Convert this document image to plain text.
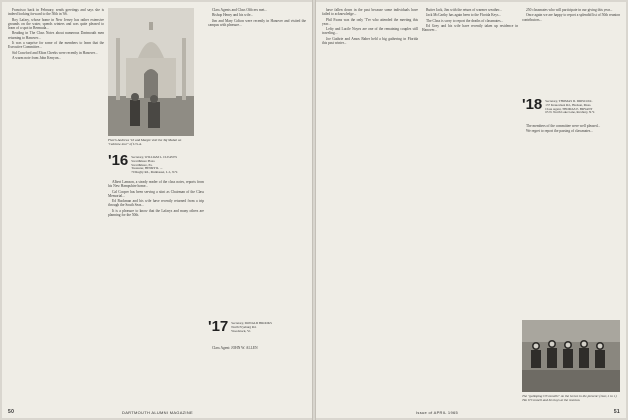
Francisco back in February, sends greetings and says she is indeed looking forward to the 50th in '66.

Roy Lafary, whose home in New Jersey has rather extensive grounds on the water, spends winters and was quite pleased to learn of a spot in Bermuda...

Reading in The Class Notes about numerous Dartmouth men returning to Hanover...

It was a surprise for some of the members to learn that the Executive Committee...

Sid Crawford and Elton Cheeks were recently in Hanover...

A warm note from John Kenyon...

Fletch Andrews '16 and Margie visit the Taj Mahal on "rainbow tour" of U.S.A.
'16 Secretary, WILLIAM L. CLEAVES
Swarthmore Plaza
Swarthmore, Pa.
Treasurer, HENRY R. ...
70 Rugby Rd., Manhasset, L.I., N.Y.

Albert Lamson, a steady reader of the class notes, reports from his New Hampshire home...

Cal Cooper has been serving a stint as Chairman of the Class Memorial...

Ed Buckman and his wife have recently returned from a trip through the South Seas...

It is a pleasure to know that the Lafarys and many others are planning for the 50th.

Class Agents and Class Officers met...

Bishop Henry and his wife...

Jim and Mary Colton were recently in Hanover and visited the campus with pleasure...

'17 Secretary, DONALD BROOKS
North Fryeburg Rd.
Woodstock, Vt.

Class Agent: JOHN W. ALLEN

50	DARTMOUTH ALUMNI MAGAZINE

have fallen down in the past because some individuals have failed to acknowledge...

Phil Evans was the only 'T'er who attended the meeting this year...

Lefty and Lucile Noyes are one of the remaining couples still traveling...

Joe Guthrie and Amos Baber held a big gathering in Florida this past winter...

Butter Jack, Jim with the return of warmer weather...

Jack McCarthy has again been to the Florida Keys...

The Class is sorry to report the deaths of classmates...

Ed Grey and his wife have recently taken up residence in Hanover...

'18 Secretary, THOMAS D. DRISCOLL
137 Kraucelsen Rd., Hudson, Mass.
Class Agent, THOMAS E. BRYANT
65 N. North Lake Lane, Roxbury, N.Y.

250 classmates who will participate in our giving this year...

Once again we are happy to report a splendid list of 50th reunion contributors...

The members of the committee were well pleased...

We regret to report the passing of classmates...

The "galloping O'Connells" on the Green in the present: (rear, l. to r.) Tim O'Connell and his boys at the reunion.
Issue of APRIL 1965	51
